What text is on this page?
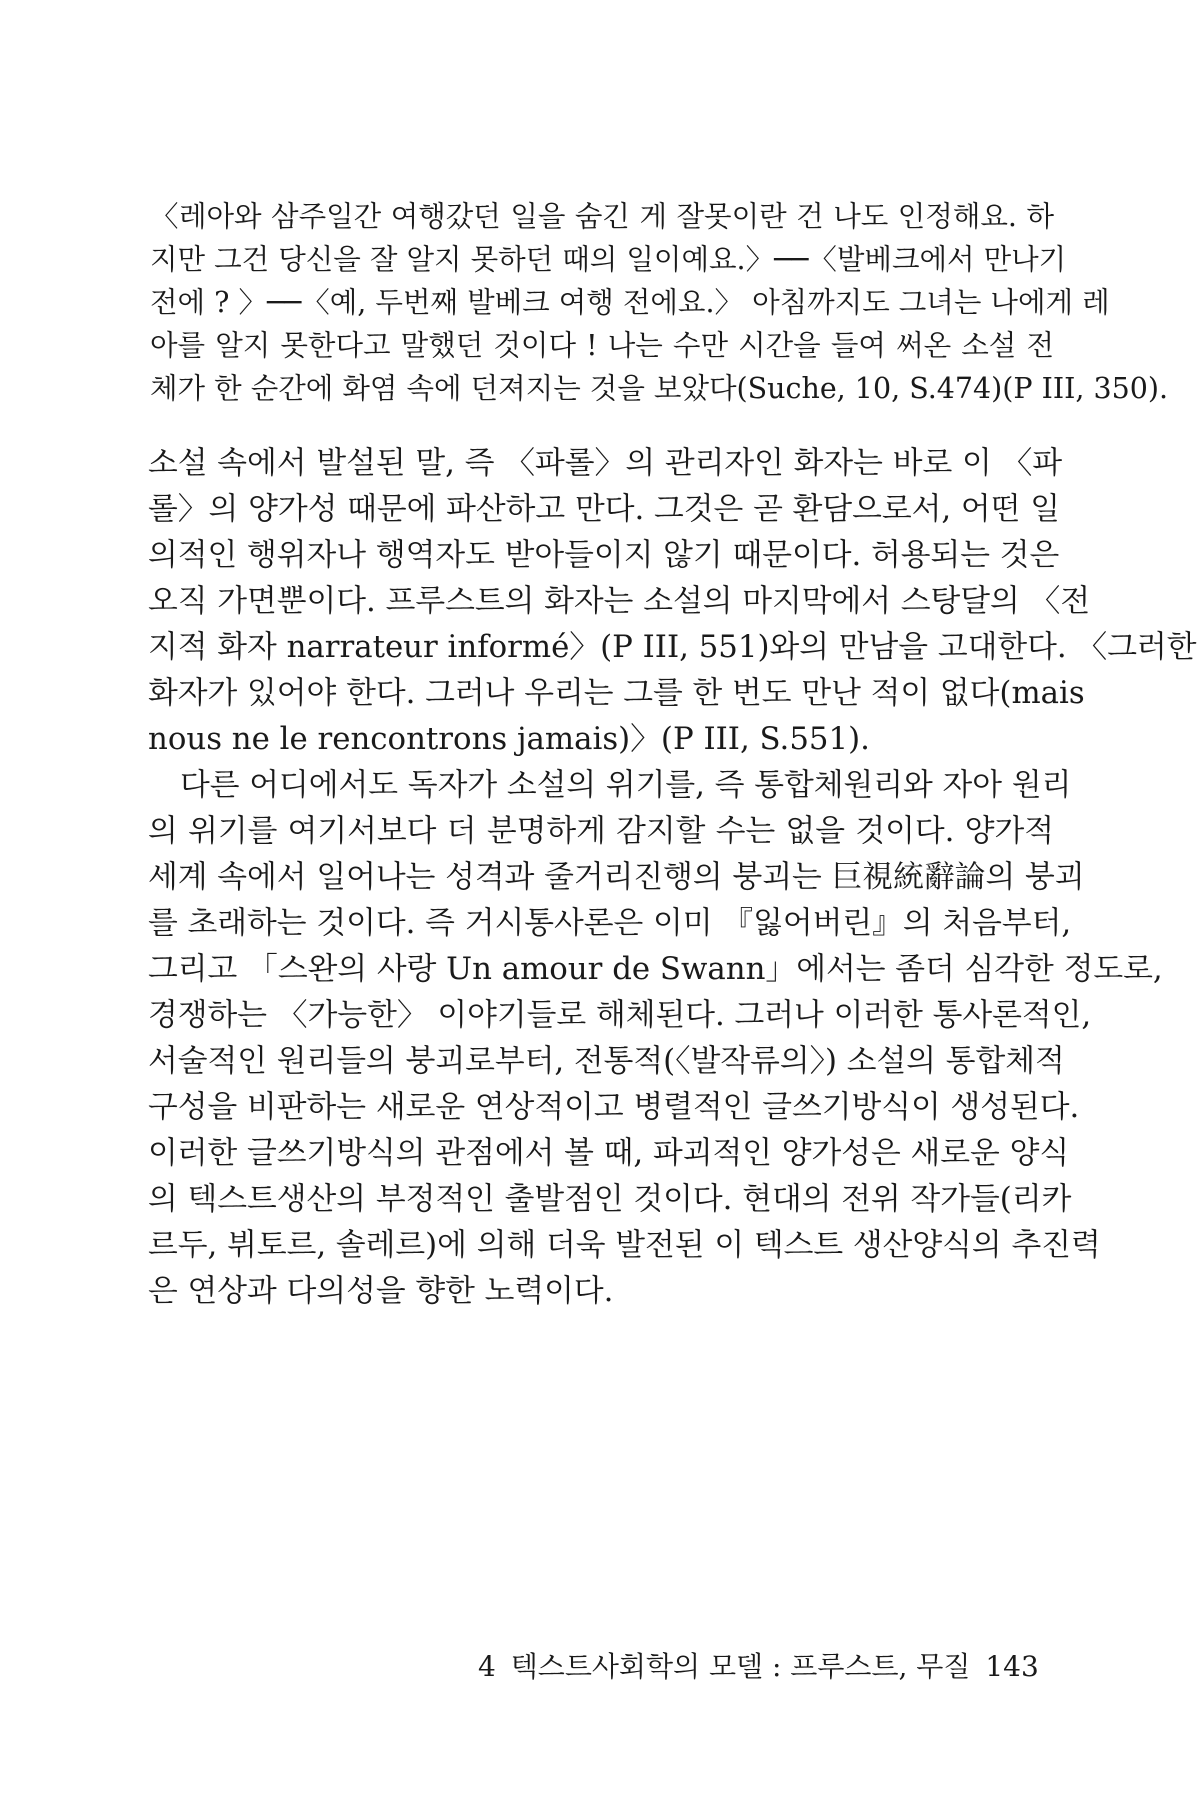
〈레아와 삼주일간 여행갔던 일을 숨긴 게 잘못이란 건 나도 인정해요. 하
지만 그건 당신을 잘 알지 못하던 때의 일이예요.〉──〈발베크에서 만나기
전에 ? 〉──〈예, 두번째 발베크 여행 전에요.〉 아침까지도 그녀는 나에게 레
아를 알지 못한다고 말했던 것이다 ! 나는 수만 시간을 들여 써온 소설 전
체가 한 순간에 화염 속에 던져지는 것을 보았다(Suche, 10, S.474)(P III, 350).
소설 속에서 발설된 말, 즉 〈파롤〉의 관리자인 화자는 바로 이 〈파
롤〉의 양가성 때문에 파산하고 만다. 그것은 곧 환담으로서, 어떤 일
의적인 행위자나 행역자도 받아들이지 않기 때문이다. 허용되는 것은
오직 가면뿐이다. 프루스트의 화자는 소설의 마지막에서 스탕달의 〈전
지적 화자 narrateur informé〉(P III, 551)와의 만남을 고대한다. 〈그러한
화자가 있어야 한다. 그러나 우리는 그를 한 번도 만난 적이 없다(mais
nous ne le rencontrons jamais)〉(P III, S.551).
다른 어디에서도 독자가 소설의 위기를, 즉 통합체원리와 자아 원리
의 위기를 여기서보다 더 분명하게 감지할 수는 없을 것이다. 양가적
세계 속에서 일어나는 성격과 줄거리진행의 붕괴는 巨視統辭論의 붕괴
를 초래하는 것이다. 즉 거시통사론은 이미 『잃어버린』의 처음부터,
그리고 「스완의 사랑 Un amour de Swann」에서는 좀더 심각한 정도로,
경쟁하는 〈가능한〉 이야기들로 해체된다. 그러나 이러한 통사론적인,
서술적인 원리들의 붕괴로부터, 전통적(〈발작류의〉) 소설의 통합체적
구성을 비판하는 새로운 연상적이고 병렬적인 글쓰기방식이 생성된다.
이러한 글쓰기방식의 관점에서 볼 때, 파괴적인 양가성은 새로운 양식
의 텍스트생산의 부정적인 출발점인 것이다. 현대의 전위 작가들(리카
르두, 뷔토르, 솔레르)에 의해 더욱 발전된 이 텍스트 생산양식의 추진력
은 연상과 다의성을 향한 노력이다.
4 텍스트사회학의 모델 : 프루스트, 무질 143
